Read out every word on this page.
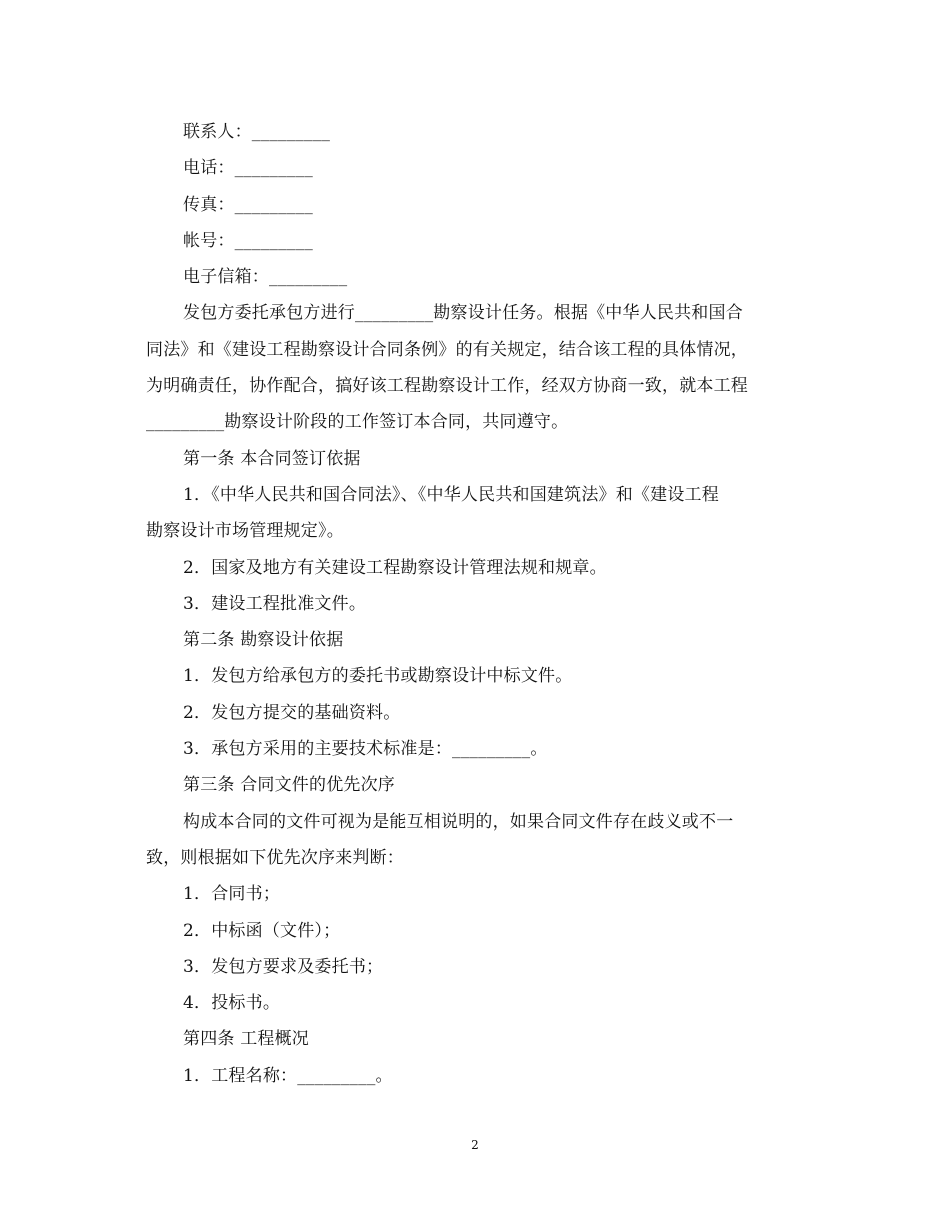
联系人：_________
电话：_________
传真：_________
帐号：_________
电子信箱：_________
发包方委托承包方进行_________勘察设计任务。根据《中华人民共和国合
同法》和《建设工程勘察设计合同条例》的有关规定，结合该工程的具体情况，
为明确责任，协作配合，搞好该工程勘察设计工作，经双方协商一致，就本工程
_________勘察设计阶段的工作签订本合同，共同遵守。
第一条 本合同签订依据
1．《中华人民共和国合同法》、《中华人民共和国建筑法》和《建设工程
勘察设计市场管理规定》。
2．国家及地方有关建设工程勘察设计管理法规和规章。
3．建设工程批准文件。
第二条 勘察设计依据
1．发包方给承包方的委托书或勘察设计中标文件。
2．发包方提交的基础资料。
3．承包方采用的主要技术标准是：_________。
第三条 合同文件的优先次序
构成本合同的文件可视为是能互相说明的，如果合同文件存在歧义或不一
致，则根据如下优先次序来判断：
1．合同书；
2．中标函（文件）；
3．发包方要求及委托书；
4．投标书。
第四条 工程概况
1．工程名称：_________。
2
